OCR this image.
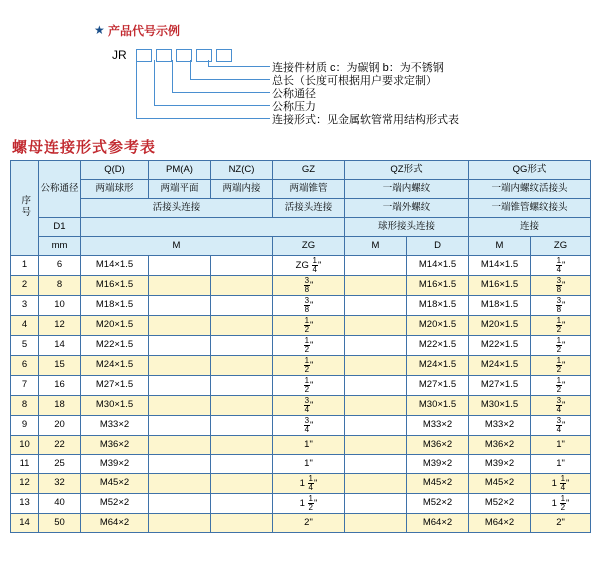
★ 产品代号示例
JR
连接件材质 c：为碳钢 b：为不锈钢
总长（长度可根据用户要求定制）
公称通径
公称压力
连接形式：见金属软管常用结构形式表
螺母连接形式参考表
序号	公称通径	Q(D)	PM(A)	NZ(C)	GZ	QZ形式		QG形式	
		两端球形	两端平面	两端内接	两端锥管	一端内螺纹		一端内螺纹活接头	
		活接头连接			活接头连接	一端外螺纹		一端锥管螺纹接头	
	D1					球形接头连接		连接	
	mm	M			ZG	M	D	M	ZG
1	6	M14×1.5			ZG $\frac{1}{4}$ "		M14×1.5	M14×1.5	$\frac{1}{4}$ "
2	8	M16×1.5			$\frac{3}{8}$ "		M16×1.5	M16×1.5	$\frac{3}{8}$ "
3	10	M18×1.5			$\frac{3}{8}$ "		M18×1.5	M18×1.5	$\frac{3}{8}$ "
4	12	M20×1.5			$\frac{1}{2}$ "		M20×1.5	M20×1.5	$\frac{1}{2}$ "
5	14	M22×1.5			$\frac{1}{2}$ "		M22×1.5	M22×1.5	$\frac{1}{2}$ "
6	15	M24×1.5			$\frac{1}{2}$ "		M24×1.5	M24×1.5	$\frac{1}{2}$ "
7	16	M27×1.5			$\frac{1}{2}$ "		M27×1.5	M27×1.5	$\frac{1}{2}$ "
8	18	M30×1.5			$\frac{3}{4}$ "		M30×1.5	M30×1.5	$\frac{3}{4}$ "
9	20	M33×2			$\frac{3}{4}$ "		M33×2	M33×2	$\frac{3}{4}$ "
10	22	M36×2			1"		M36×2	M36×2	1"
11	25	M39×2			1"		M39×2	M39×2	1"
12	32	M45×2			$1 \frac{1}{4}$ "		M45×2	M45×2	$1 \frac{1}{4}$ "
13	40	M52×2			$1 \frac{1}{2}$ "		M52×2	M52×2	$1 \frac{1}{2}$ "
14	50	M64×2			2"		M64×2	M64×2	2"
